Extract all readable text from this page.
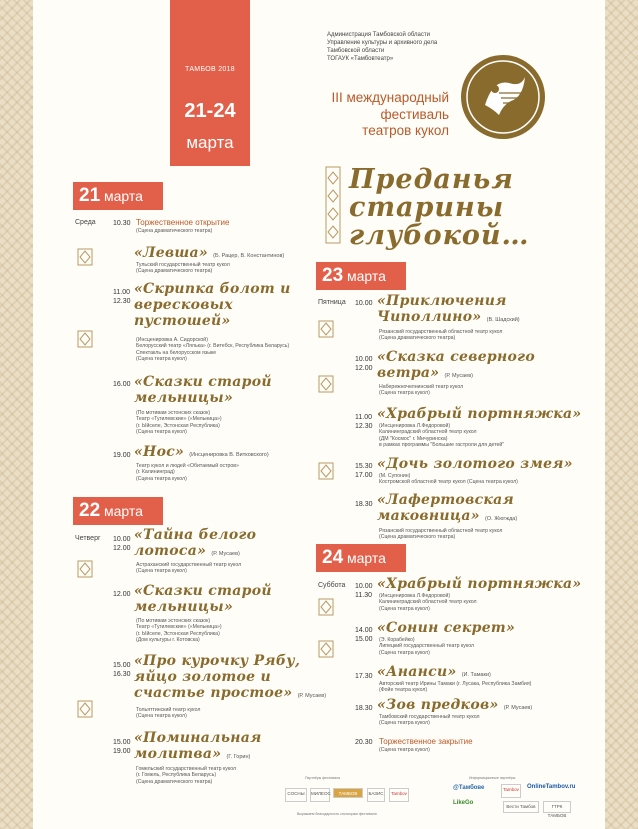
ТАМБОВ 2018
21-24
марта
Администрация Тамбовской области
Управление культуры и архивного дела
Тамбовской области
ТОГАУК «Тамбовтеатр»
III международный
фестиваль
театров кукол
Преданья
старины
глубокой…
21 марта
Среда 10.30 Торжественное открытие
(Сцена драматического театра)
«Левша» (Б. Рацер, В. Константинов)
Тульский государственный театр кукол
(Сцена драматического театра)
11.00
12.30
«Скрипка болот и вересковых пустошей»
(Инсценировка А. Сидорской)
Белорусский театр «Лялька» (г. Витебск, Республика Беларусь)
Спектакль на белорусском языке
(Сцена театра кукол)
16.00 «Сказки старой мельницы»
(По мотивам эстонских сказок)
Театр «Тугилевские» («Мельница»)
(г. Ыйселе, Эстонская Республика)
(Сцена театра кукол)
19.00 «Нос» (Инсценировка В. Витковского)
Театр кукол и людей «Обитаемый остров»
(г. Калининград)
(Сцена театра кукол)
22 марта
Четверг 10.00
12.00
«Тайна белого лотоса» (Р. Мусаев)
Астраханский государственный театр кукол
(Сцена театра кукол)
12.00 «Сказки старой мельницы»
(По мотивам эстонских сказок)
Театр «Тугилевские» («Мельница»)
(г. Ыйселе, Эстонская Республика)
(Дом культуры г. Котовска)
15.00
16.30
«Про курочку Рябу, яйцо золотое и счастье простое» (Р. Мусаев)
Тольяттинский театр кукол
(Сцена театра кукол)
15.00
19.00
«Поминальная молитва» (Г. Горин)
Гомельский государственный театр кукол
(г. Гомель, Республика Беларусь)
(Сцена драматического театра)
23 марта
Пятница 10.00 «Приключения Чиполлино» (В. Шадский)
Рязанский государственный областной театр кукол
(Сцена драматического театра)
10.00
12.00
«Сказка северного ветра» (Р. Мусаев)
Набережночелнинский театр кукол
(Сцена театра кукол)
11.00
12.30
«Храбрый портняжка»
(Инсценировка Л.Федоровой)
Калининградский областной театр кукол
(ДМ "Космос" г. Мичуринска)
в рамках программы "Большие гастроли для детей"
15.30
17.00
«Дочь золотого змея»
(М. Супонин)
Костромской областной театр кукол (Сцена театра кукол)
18.30 «Лафертовская маковница» (О. Жюгжда)
Рязанский государственный областной театр кукол
(Сцена драматического театра)
24 марта
Суббота 10.00
11.30
«Храбрый портняжка»
(Инсценировка Л.Федоровой)
Калининградский областной театр кукол
(Сцена театра кукол)
14.00
15.00
«Сонин секрет»
(Э. Корабейко)
Липецкий государственный театр кукол
(Сцена театра кукол)
17.30 «Ананси» (И. Тамаки)
Авторский театр Ирины Тамаки (г. Лусака, Республика Замбия)
(Фойе театра кукол)
18.30 «Зов предков» (Р. Мусаев)
Тамбовский государственный театр кукол
(Сцена театра кукол)
20.30 Торжественное закрытие
(Сцена театра кукол)
Партнёры фестиваля
СОСНЫ	МИЛЕОС	ТАМБОВ	БАЗИС	Tambov
Выражаем благодарность спонсорам фестиваля
Информационные партнёры
@Тамбове
LikeGo
Tambov
Вести Тамбов
OnlineTambov.ru
ГТРК ТАМБОВ
